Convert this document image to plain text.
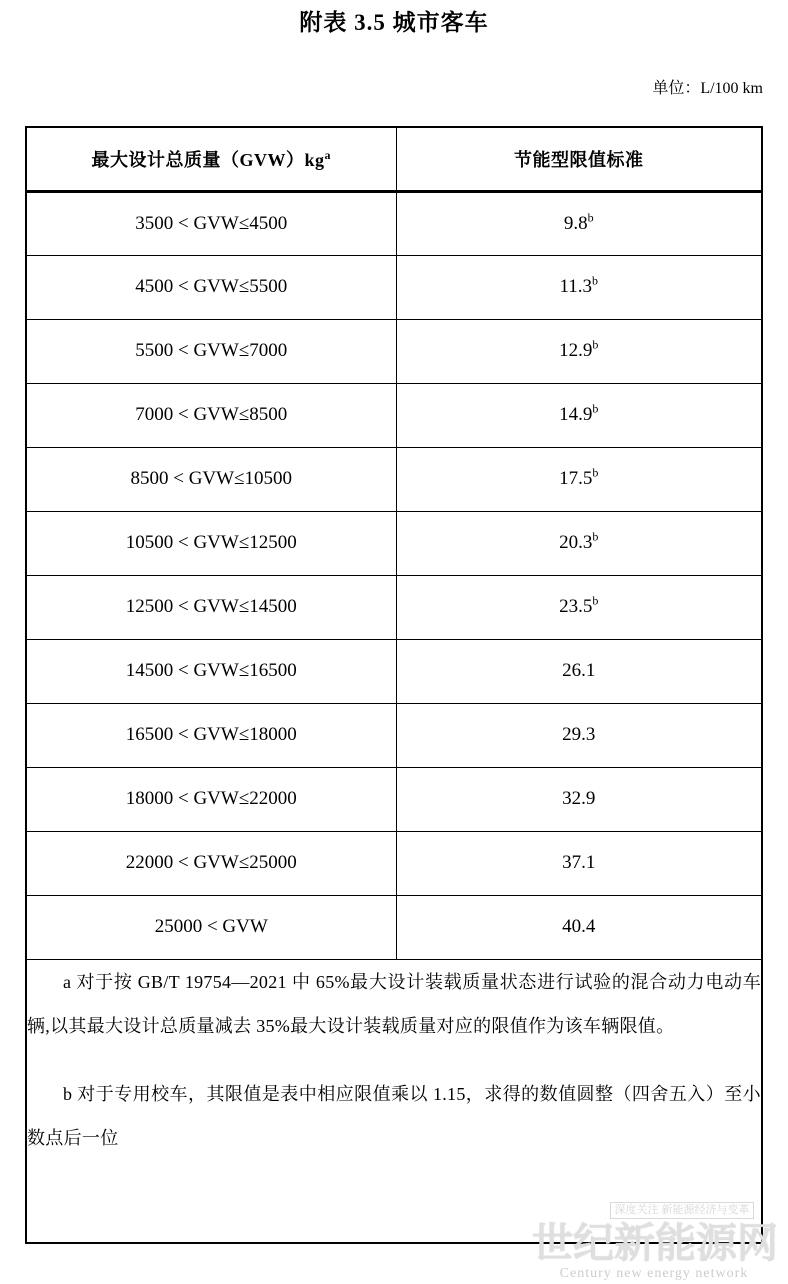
附表 3.5 城市客车
单位：L/100 km
最大设计总质量$(GVW)kg^a$	节能型限值标准
3500 < GVW≤4500	9.8$^b$
4500 < GVW≤5500	11.3$^b$
5500 < GVW≤7000	12.9$^b$
7000 < GVW≤8500	14.9$^b$
8500 < GVW≤10500	17.5$^b$
10500 < GVW≤12500	20.3$^b$
12500 < GVW≤14500	23.5$^b$
14500 < GVW≤16500	26.1
16500 < GVW≤18000	29.3
18000 < GVW≤22000	32.9
22000 < GVW≤25000	37.1
25000 < GVW	40.4

a 对于按 GB/T 19754—2021 中 65%最大设计装载质量状态进行试验的混合动力电动车辆,以其最大设计总质量减去 35%最大设计装载质量对应的限值作为该车辆限值。

b 对于专用校车，其限值是表中相应限值乘以 1.15，求得的数值圆整（四舍五入）至小数点后一位	

深度关注 新能源经济与变革
世纪新能源网
Century new energy network
